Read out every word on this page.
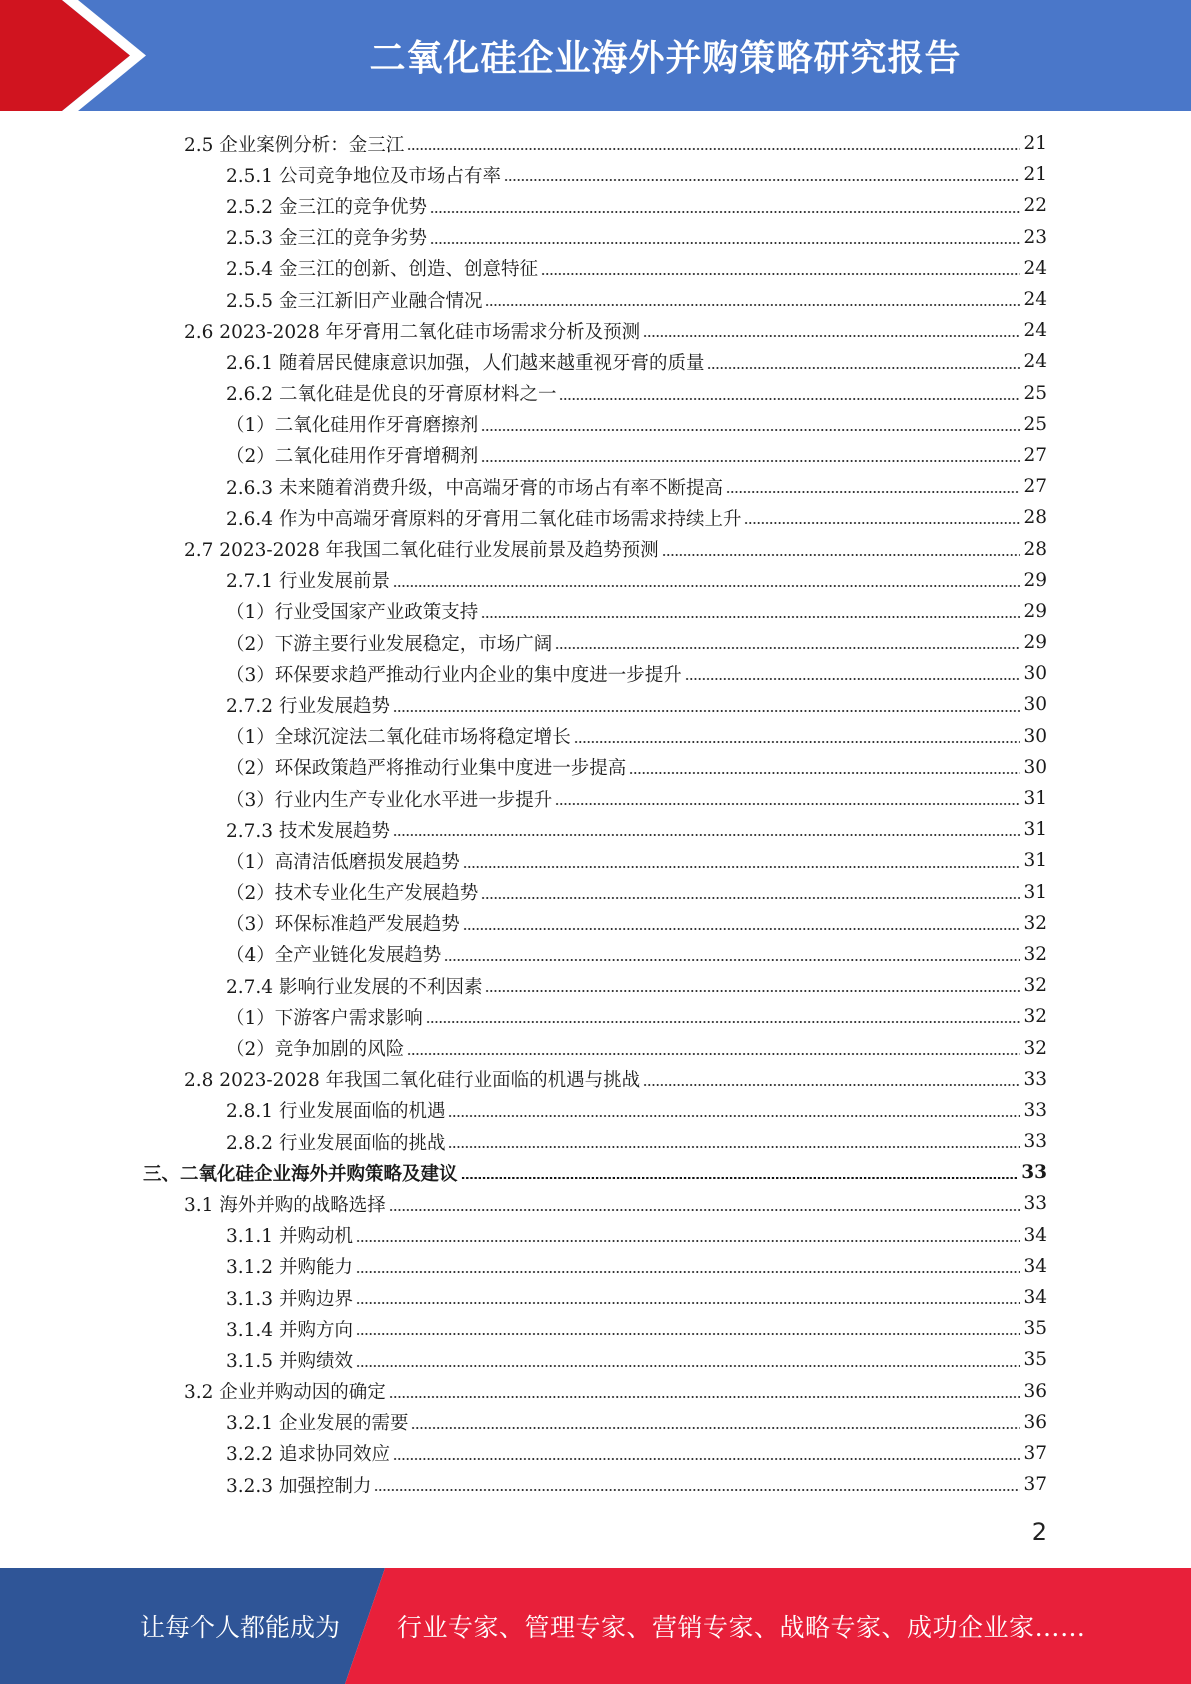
二氧化硅企业海外并购策略研究报告
2.5 企业案例分析：金三江	21
2.5.1 公司竞争地位及市场占有率	21
2.5.2 金三江的竞争优势	22
2.5.3 金三江的竞争劣势	23
2.5.4 金三江的创新、创造、创意特征	24
2.5.5 金三江新旧产业融合情况	24
2.6 2023-2028 年牙膏用二氧化硅市场需求分析及预测	24
2.6.1 随着居民健康意识加强，人们越来越重视牙膏的质量	24
2.6.2 二氧化硅是优良的牙膏原材料之一	25
（1）二氧化硅用作牙膏磨擦剂	25
（2）二氧化硅用作牙膏增稠剂	27
2.6.3 未来随着消费升级，中高端牙膏的市场占有率不断提高	27
2.6.4 作为中高端牙膏原料的牙膏用二氧化硅市场需求持续上升	28
2.7 2023-2028 年我国二氧化硅行业发展前景及趋势预测	28
2.7.1 行业发展前景	29
（1）行业受国家产业政策支持	29
（2）下游主要行业发展稳定，市场广阔	29
（3）环保要求趋严推动行业内企业的集中度进一步提升	30
2.7.2 行业发展趋势	30
（1）全球沉淀法二氧化硅市场将稳定增长	30
（2）环保政策趋严将推动行业集中度进一步提高	30
（3）行业内生产专业化水平进一步提升	31
2.7.3 技术发展趋势	31
（1）高清洁低磨损发展趋势	31
（2）技术专业化生产发展趋势	31
（3）环保标准趋严发展趋势	32
（4）全产业链化发展趋势	32
2.7.4 影响行业发展的不利因素	32
（1）下游客户需求影响	32
（2）竞争加剧的风险	32
2.8 2023-2028 年我国二氧化硅行业面临的机遇与挑战	33
2.8.1 行业发展面临的机遇	33
2.8.2 行业发展面临的挑战	33
三、二氧化硅企业海外并购策略及建议	33
3.1 海外并购的战略选择	33
3.1.1 并购动机	34
3.1.2 并购能力	34
3.1.3 并购边界	34
3.1.4 并购方向	35
3.1.5 并购绩效	35
3.2 企业并购动因的确定	36
3.2.1 企业发展的需要	36
3.2.2 追求协同效应	37
3.2.3 加强控制力	37
2
让每个人都能成为 行业专家、管理专家、营销专家、战略专家、成功企业家……
